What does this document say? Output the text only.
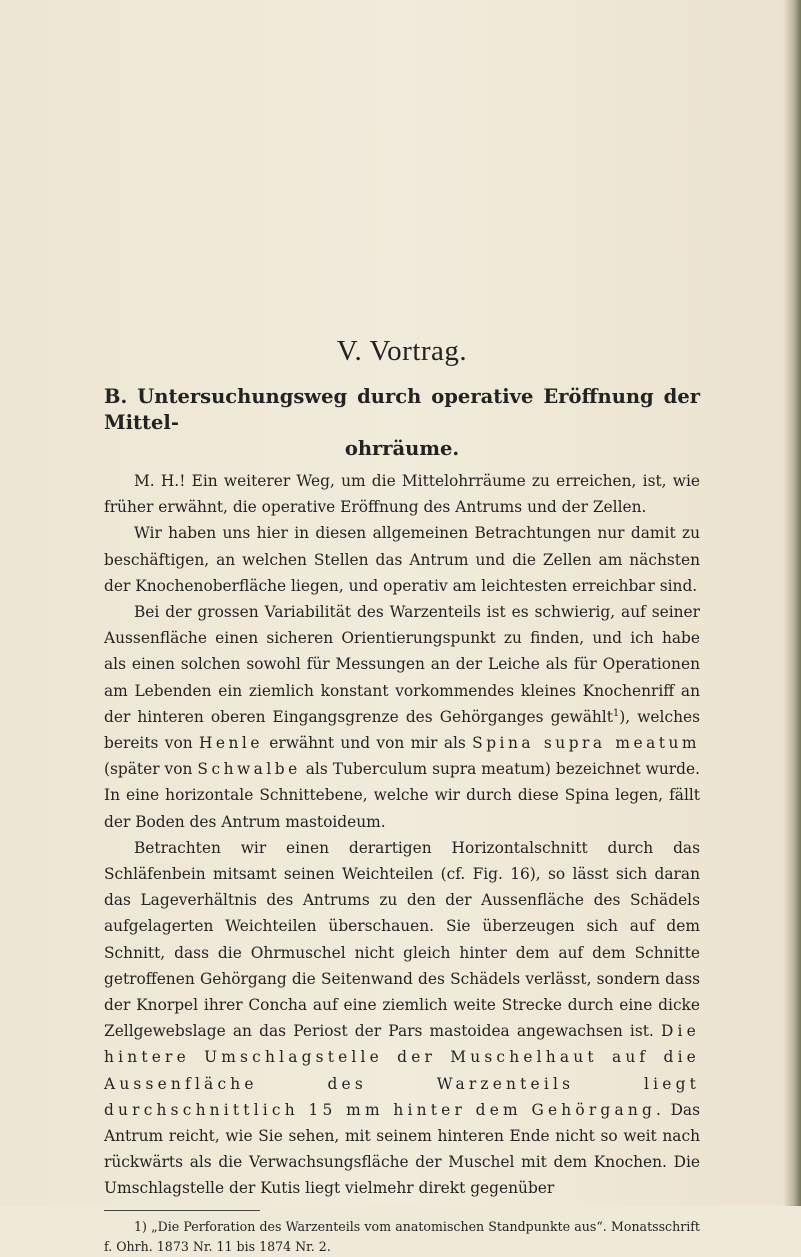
V. Vortrag.
B. Untersuchungsweg durch operative Eröffnung der Mittel-
ohrräume.

M. H.! Ein weiterer Weg, um die Mittelohrräume zu erreichen, ist, wie früher erwähnt, die operative Eröffnung des Antrums und der Zellen.

Wir haben uns hier in diesen allgemeinen Betrachtungen nur damit zu beschäftigen, an welchen Stellen das Antrum und die Zellen am nächsten der Knochenoberfläche liegen, und operativ am leichtesten erreichbar sind.

Bei der grossen Variabilität des Warzenteils ist es schwierig, auf seiner Aussenfläche einen sicheren Orientierungspunkt zu finden, und ich habe als einen solchen sowohl für Messungen an der Leiche als für Operationen am Lebenden ein ziemlich konstant vorkommendes kleines Knochenriff an der hinteren oberen Eingangsgrenze des Gehörganges gewählt$^1$), welches bereits von Henle erwähnt und von mir als Spina supra meatum (später von Schwalbe als Tuberculum supra meatum) bezeichnet wurde. In eine horizontale Schnittebene, welche wir durch diese Spina legen, fällt der Boden des Antrum mastoideum.

Betrachten wir einen derartigen Horizontalschnitt durch das Schläfenbein mitsamt seinen Weichteilen (cf. Fig. 16), so lässt sich daran das Lageverhältnis des Antrums zu den der Aussenfläche des Schädels aufgelagerten Weichteilen überschauen. Sie überzeugen sich auf dem Schnitt, dass die Ohrmuschel nicht gleich hinter dem auf dem Schnitte getroffenen Gehörgang die Seitenwand des Schädels verlässt, sondern dass der Knorpel ihrer Concha auf eine ziemlich weite Strecke durch eine dicke Zellgewebslage an das Periost der Pars mastoidea angewachsen ist. Die hintere Umschlagstelle der Muschelhaut auf die Aussenfläche des Warzenteils liegt durchschnittlich 15 mm hinter dem Gehörgang. Das Antrum reicht, wie Sie sehen, mit seinem hinteren Ende nicht so weit nach rückwärts als die Verwachsungsfläche der Muschel mit dem Knochen. Die Umschlagstelle der Kutis liegt vielmehr direkt gegenüber

1) „Die Perforation des Warzenteils vom anatomischen Standpunkte aus“. Monatsschrift f. Ohrh. 1873 Nr. 11 bis 1874 Nr. 2.
